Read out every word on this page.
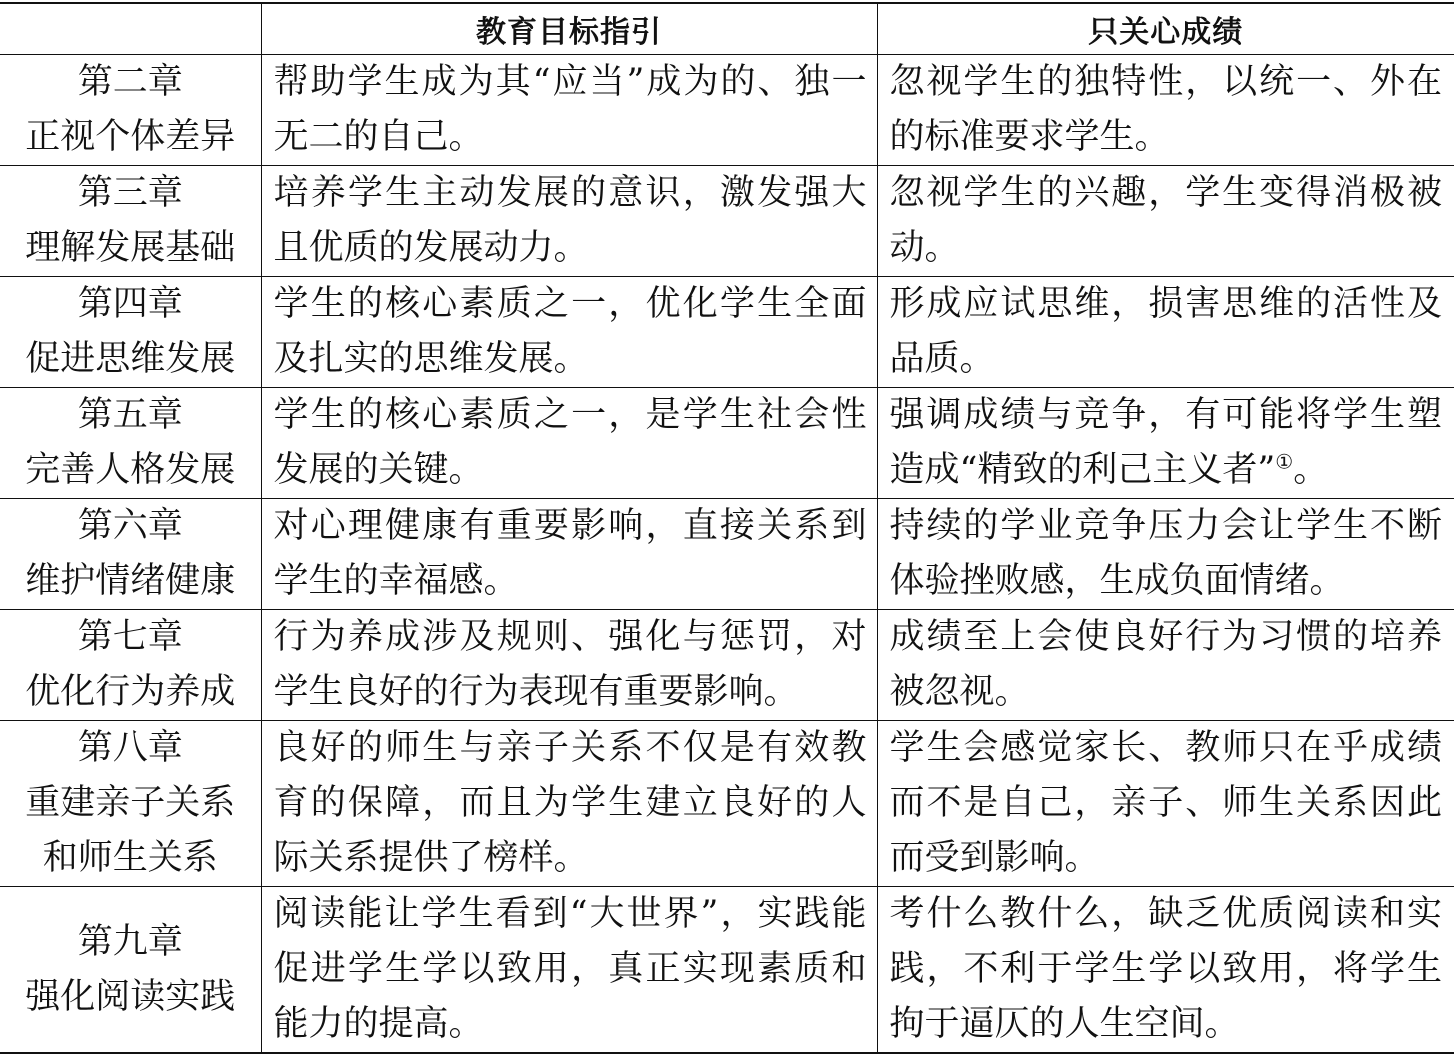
	教育目标指引	只关心成绩

第二章
正视个体差异	帮助学生成为其“应当”成为的、独一无二的自己。	忽视学生的独特性，以统一、外在的标准要求学生。

第三章
理解发展基础	培养学生主动发展的意识，激发强大且优质的发展动力。	忽视学生的兴趣，学生变得消极被动。

第四章
促进思维发展	学生的核心素质之一，优化学生全面及扎实的思维发展。	形成应试思维，损害思维的活性及品质。

第五章
完善人格发展	学生的核心素质之一，是学生社会性发展的关键。	强调成绩与竞争，有可能将学生塑造成“精致的利己主义者”①。

第六章
维护情绪健康	对心理健康有重要影响，直接关系到学生的幸福感。	持续的学业竞争压力会让学生不断体验挫败感，生成负面情绪。

第七章
优化行为养成	行为养成涉及规则、强化与惩罚，对学生良好的行为表现有重要影响。	成绩至上会使良好行为习惯的培养被忽视。

第八章
重建亲子关系
和师生关系	良好的师生与亲子关系不仅是有效教育的保障，而且为学生建立良好的人际关系提供了榜样。	学生会感觉家长、教师只在乎成绩而不是自己，亲子、师生关系因此而受到影响。

第九章
强化阅读实践	阅读能让学生看到“大世界”，实践能促进学生学以致用，真正实现素质和能力的提高。	考什么教什么，缺乏优质阅读和实践，不利于学生学以致用，将学生拘于逼仄的人生空间。
